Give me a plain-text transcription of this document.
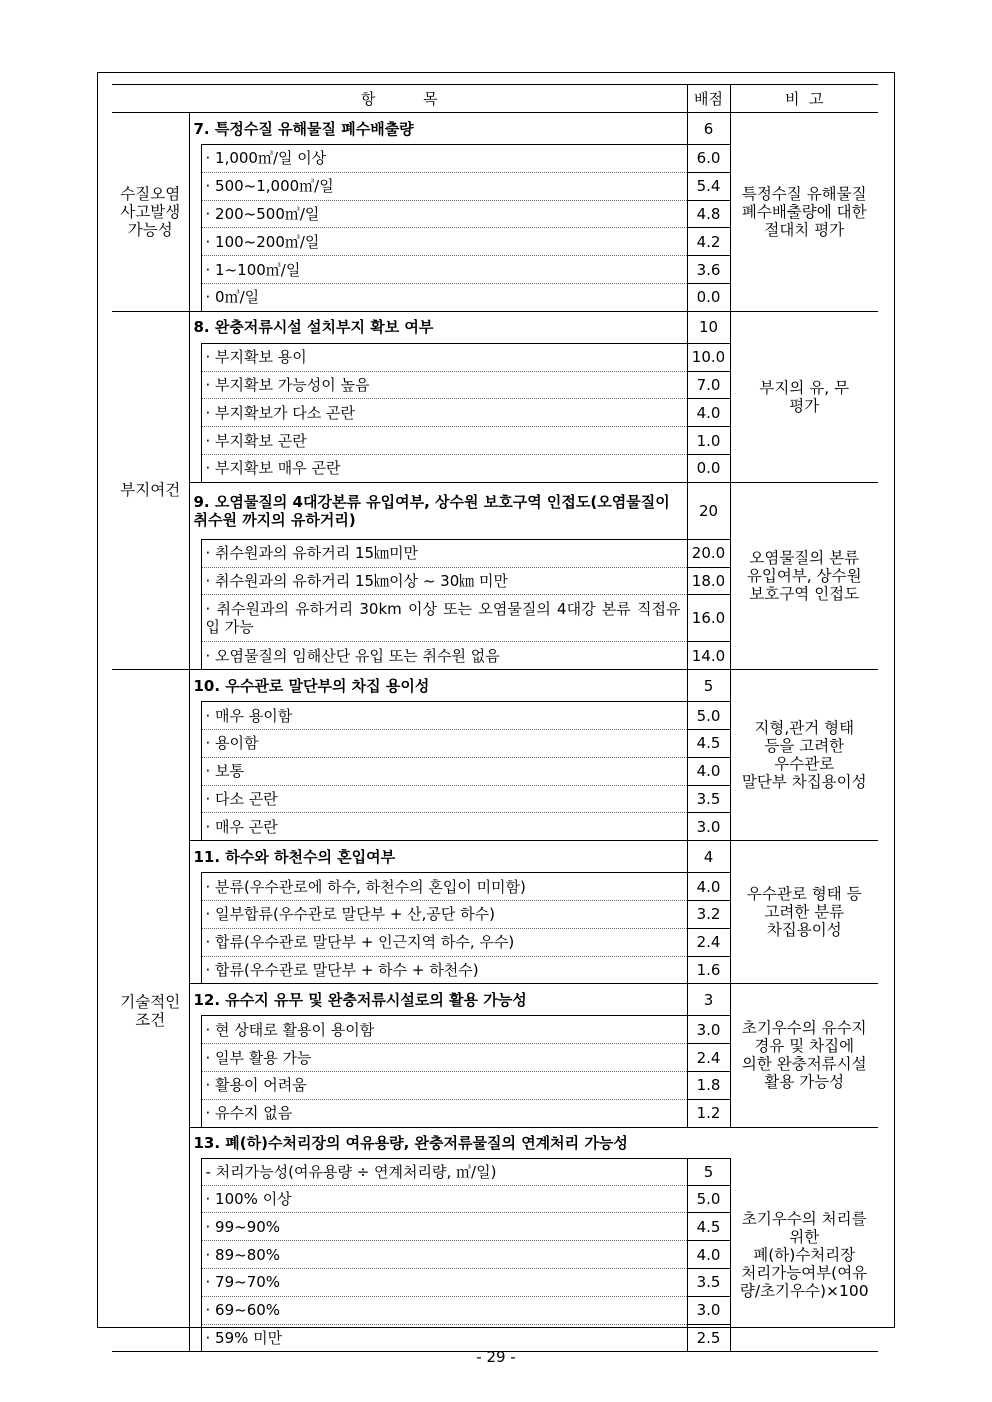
항          목			배점	비  고
수질오염
사고발생
가능성	7. 특정수질 유해물질 폐수배출량		6	특정수질 유해물질
폐수배출량에 대한
절대치 평가
		· 1,000㎥/일 이상	6.0	
		· 500~1,000㎥/일	5.4	
		· 200~500㎥/일	4.8	
		· 100~200㎥/일	4.2	
		· 1~100㎥/일	3.6	
		· 0㎥/일	0.0	
부지여건	8. 완충저류시설 설치부지 확보 여부		10	부지의 유, 무
평가
		· 부지확보 용이	10.0	
		· 부지확보 가능성이 높음	7.0	
		· 부지확보가 다소 곤란	4.0	
		· 부지확보 곤란	1.0	
		· 부지확보 매우 곤란	0.0	
	9. 오염물질의 4대강본류 유입여부, 상수원 보호구역 인접도(오염물질이 취수원 까지의 유하거리)		20	오염물질의 본류
유입여부, 상수원
보호구역 인접도
		· 취수원과의 유하거리 15㎞미만	20.0	
		· 취수원과의 유하거리 15㎞이상 ~ 30㎞ 미만	18.0	
		· 취수원과의 유하거리 30km 이상 또는 오염물질의 4대강 본류 직접유입 가능	16.0	
		· 오염물질의 임해산단 유입 또는 취수원 없음	14.0	
기술적인
조건	10. 우수관로 말단부의 차집 용이성		5	지형,관거 형태
등을 고려한
우수관로
말단부 차집용이성
		· 매우 용이함	5.0	
		· 용이함	4.5	
		· 보통	4.0	
		· 다소 곤란	3.5	
		· 매우 곤란	3.0	
	11. 하수와 하천수의 혼입여부		4	우수관로 형태 등
고려한 분류
차집용이성
		· 분류(우수관로에 하수, 하천수의 혼입이 미미함)	4.0	
		· 일부합류(우수관로 말단부 + 산,공단 하수)	3.2	
		· 합류(우수관로 말단부 + 인근지역 하수, 우수)	2.4	
		· 합류(우수관로 말단부 + 하수 + 하천수)	1.6	
	12. 유수지 유무 및 완충저류시설로의 활용 가능성		3	초기우수의 유수지
경유 및 차집에
의한 완충저류시설
활용 가능성
		· 현 상태로 활용이 용이함	3.0	
		· 일부 활용 가능	2.4	
		· 활용이 어려움	1.8	
		· 유수지 없음	1.2	
	13. 폐(하)수처리장의 여유용량, 완충저류물질의 연계처리 가능성			
		- 처리가능성(여유용량 ÷ 연계처리량, ㎥/일)	5	초기우수의 처리를
위한
폐(하)수처리장
처리가능여부(여유
량/초기우수)×100
		· 100% 이상	5.0	
		· 99~90%	4.5	
		· 89~80%	4.0	
		· 79~70%	3.5	
		· 69~60%	3.0	
		· 59% 미만	2.5	

- 29 -
